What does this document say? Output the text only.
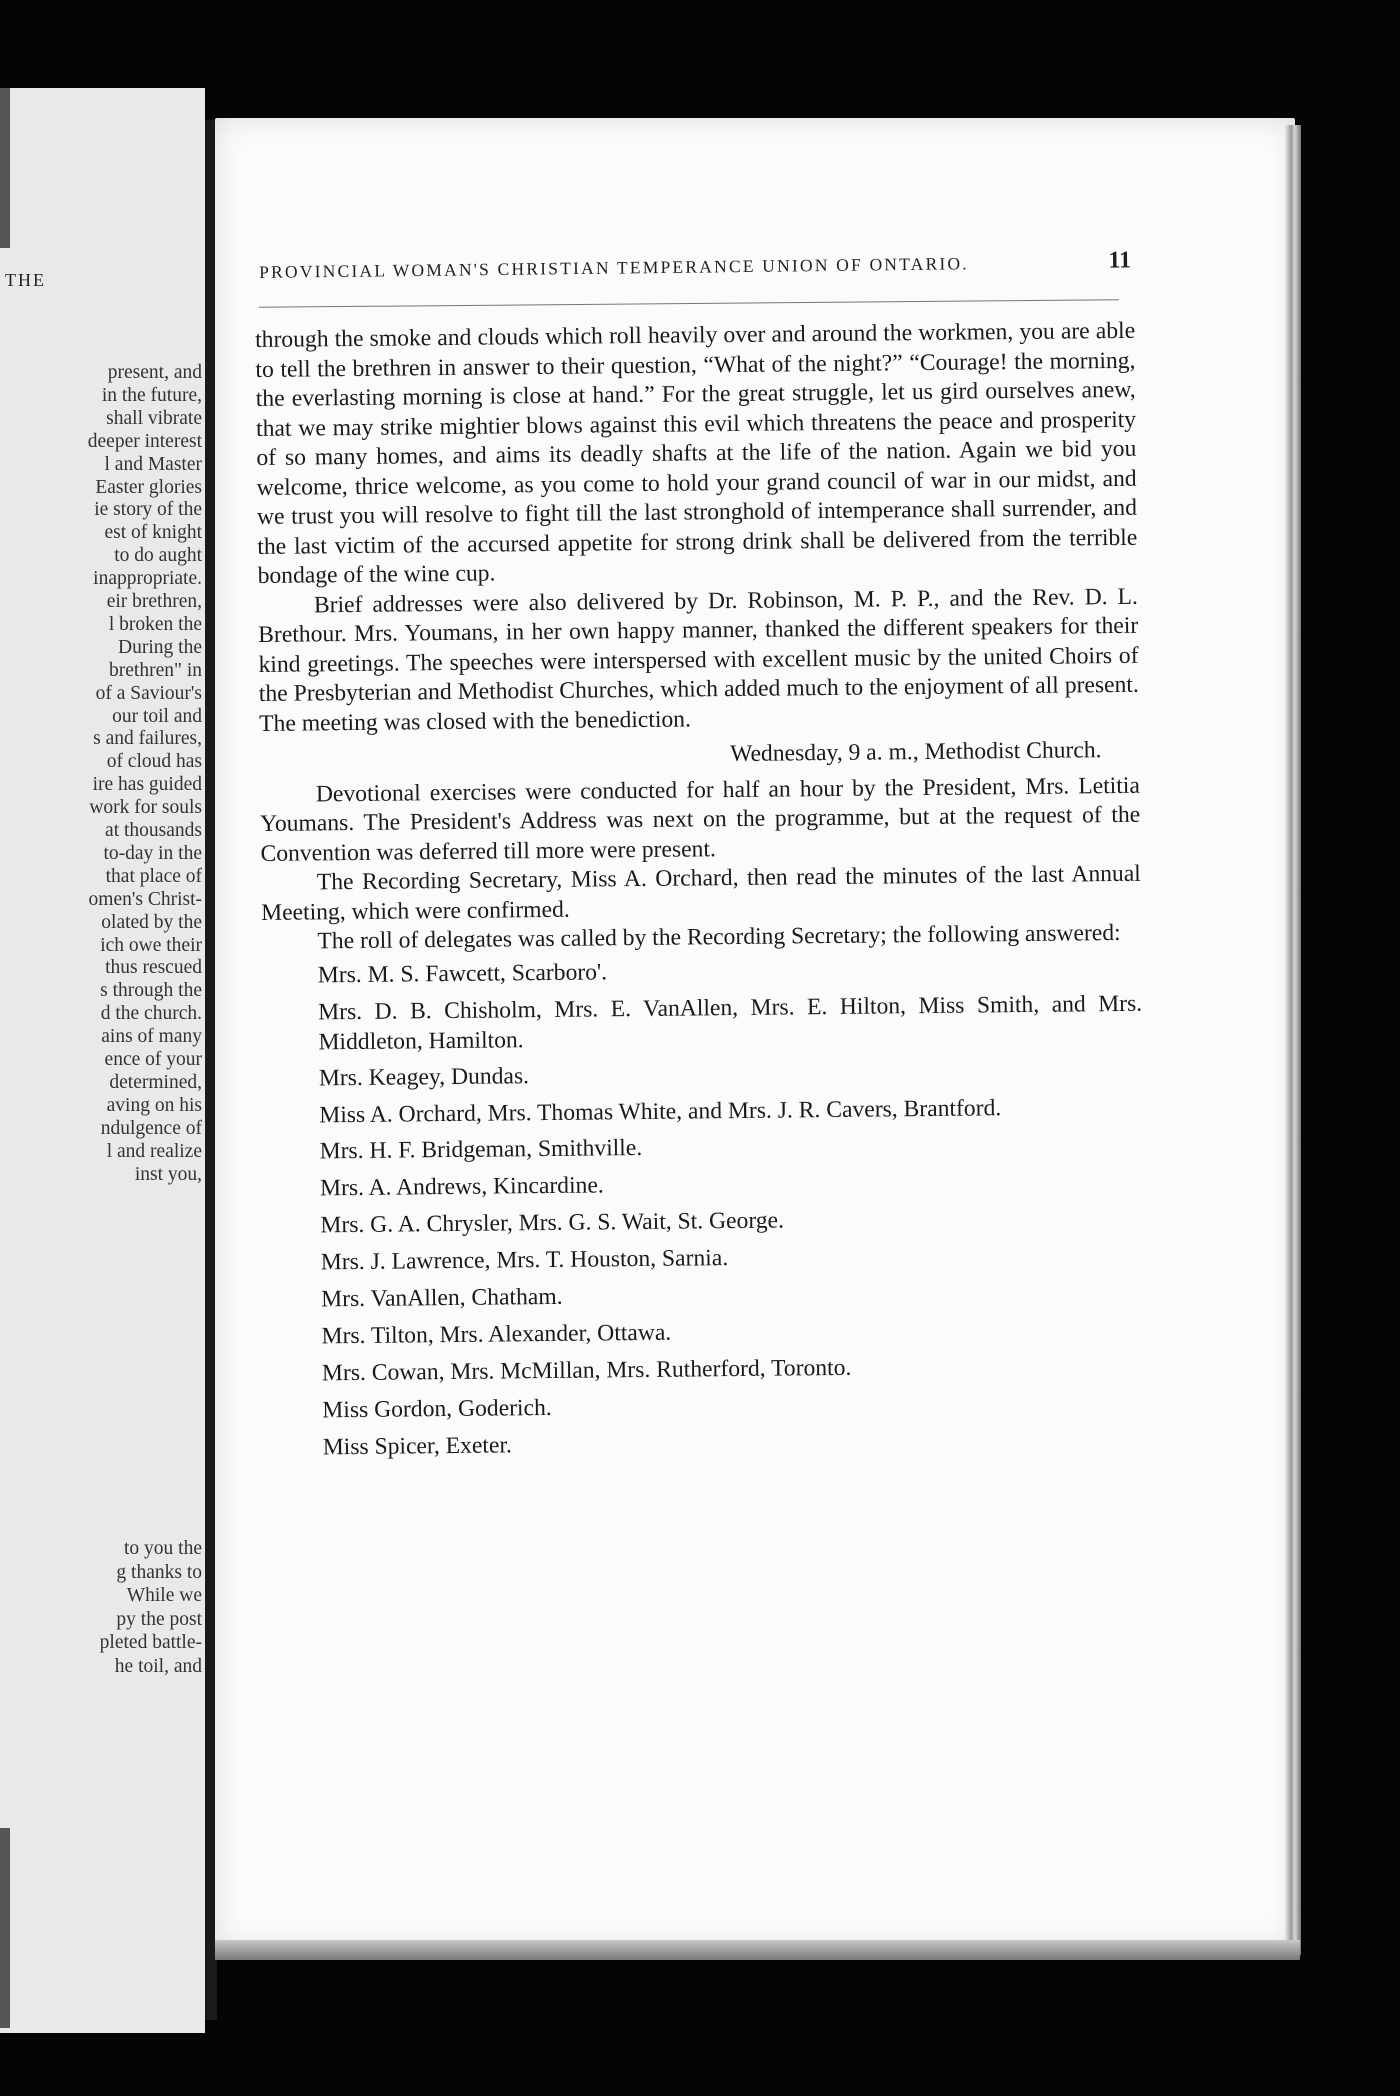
THE
present, and
in the future,
shall vibrate
deeper interest
l and Master
Easter glories
ie story of the
est of knight
to do aught
inappropriate.
eir brethren,
l broken the
During the
brethren" in
of a Saviour's
our toil and
s and failures,
of cloud has
ire has guided
work for souls
at thousands
to-day in the
that place of
omen's Christ-
olated by the
ich owe their
thus rescued
s through the
d the church.
ains of many
ence of your
determined,
aving on his
ndulgence of
l and realize
inst you,
to you the
g thanks to
While we
py the post
pleted battle-
he toil, and
PROVINCIAL WOMAN'S CHRISTIAN TEMPERANCE UNION OF ONTARIO.	11

through the smoke and clouds which roll heavily over and around the workmen, you are able to tell the brethren in answer to their question, “What of the night?” “Courage! the morning, the everlasting morning is close at hand.” For the great struggle, let us gird ourselves anew, that we may strike mightier blows against this evil which threatens the peace and prosperity of so many homes, and aims its deadly shafts at the life of the nation. Again we bid you welcome, thrice welcome, as you come to hold your grand council of war in our midst, and we trust you will resolve to fight till the last stronghold of intemperance shall surrender, and the last victim of the accursed appetite for strong drink shall be delivered from the terrible bondage of the wine cup.

Brief addresses were also delivered by Dr. Robinson, M. P. P., and the Rev. D. L. Brethour. Mrs. Youmans, in her own happy manner, thanked the different speakers for their kind greetings. The speeches were interspersed with excellent music by the united Choirs of the Presbyterian and Methodist Churches, which added much to the enjoyment of all present. The meeting was closed with the benediction.

Wednesday, 9 a. m., Methodist Church.

Devotional exercises were conducted for half an hour by the President, Mrs. Letitia Youmans. The President's Address was next on the programme, but at the request of the Convention was deferred till more were present.

The Recording Secretary, Miss A. Orchard, then read the minutes of the last Annual Meeting, which were confirmed.

The roll of delegates was called by the Recording Secretary; the following answered:

Mrs. M. S. Fawcett, Scarboro'.
Mrs. D. B. Chisholm, Mrs. E. VanAllen, Mrs. E. Hilton, Miss Smith, and Mrs. Middleton, Hamilton.
Mrs. Keagey, Dundas.
Miss A. Orchard, Mrs. Thomas White, and Mrs. J. R. Cavers, Brantford.
Mrs. H. F. Bridgeman, Smithville.
Mrs. A. Andrews, Kincardine.
Mrs. G. A. Chrysler, Mrs. G. S. Wait, St. George.
Mrs. J. Lawrence, Mrs. T. Houston, Sarnia.
Mrs. VanAllen, Chatham.
Mrs. Tilton, Mrs. Alexander, Ottawa.
Mrs. Cowan, Mrs. McMillan, Mrs. Rutherford, Toronto.
Miss Gordon, Goderich.
Miss Spicer, Exeter.
